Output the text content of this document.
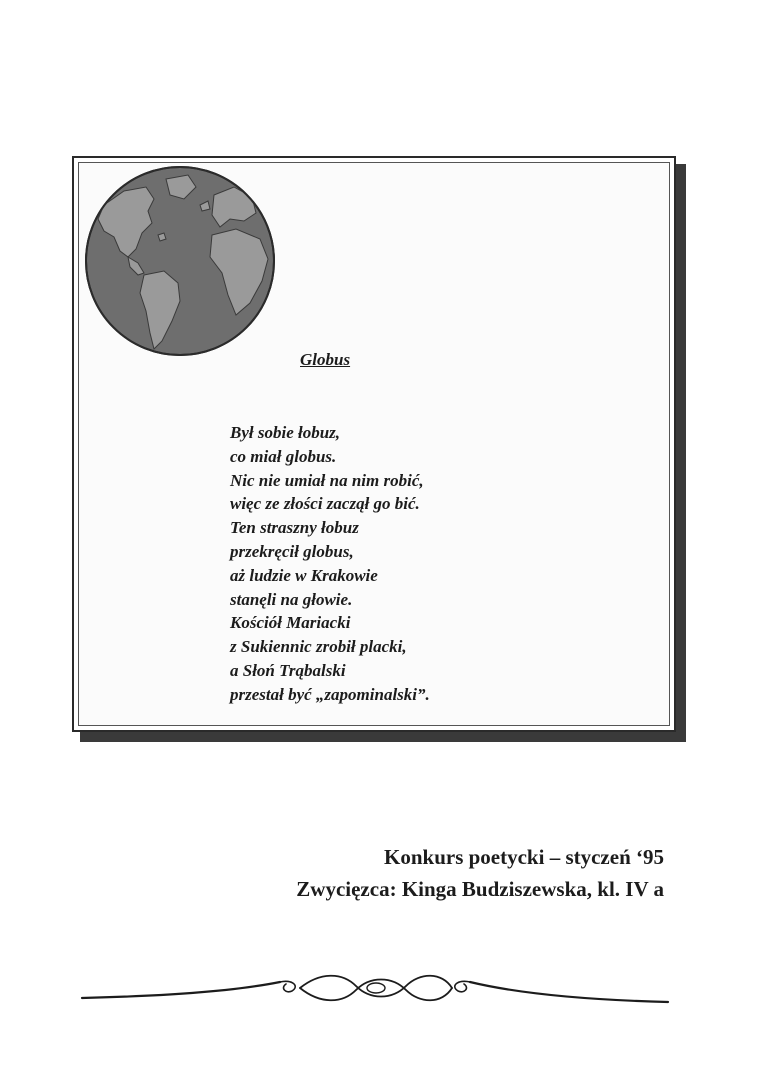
Globus
Był sobie łobuz,
co miał globus.
Nic nie umiał na nim robić,
więc ze złości zaczął go bić.
Ten straszny łobuz
przekręcił globus,
aż ludzie w Krakowie
stanęli na głowie.
Kościół Mariacki
z Sukiennic zrobił placki,
a Słoń Trąbalski
przestał być „zapominalski”.
Konkurs poetycki – styczeń ‘95
Zwycięzca: Kinga Budziszewska, kl. IV a
